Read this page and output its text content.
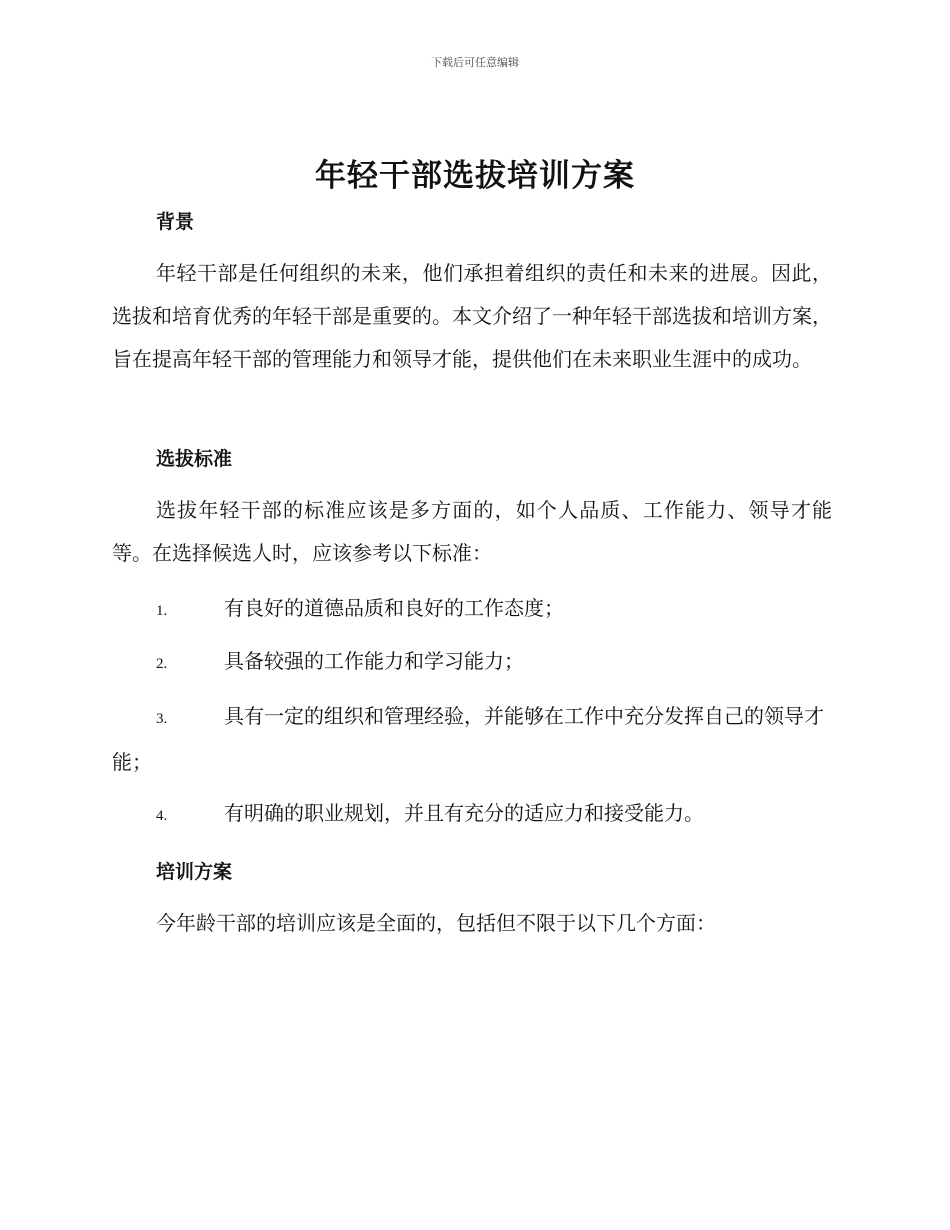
下载后可任意编辑
年轻干部选拔培训方案
背景

年轻干部是任何组织的未来，他们承担着组织的责任和未来的进展。因此，选拔和培育优秀的年轻干部是重要的。本文介绍了一种年轻干部选拔和培训方案，旨在提高年轻干部的管理能力和领导才能，提供他们在未来职业生涯中的成功。

选拔标准

选拔年轻干部的标准应该是多方面的，如个人品质、工作能力、领导才能等。在选择候选人时，应该参考以下标准：

1.	有良好的道德品质和良好的工作态度；
2.	具备较强的工作能力和学习能力；
3.	具有一定的组织和管理经验，并能够在工作中充分发挥自己的领导才能；
4.	有明确的职业规划，并且有充分的适应力和接受能力。
培训方案

今年龄干部的培训应该是全面的，包括但不限于以下几个方面：
